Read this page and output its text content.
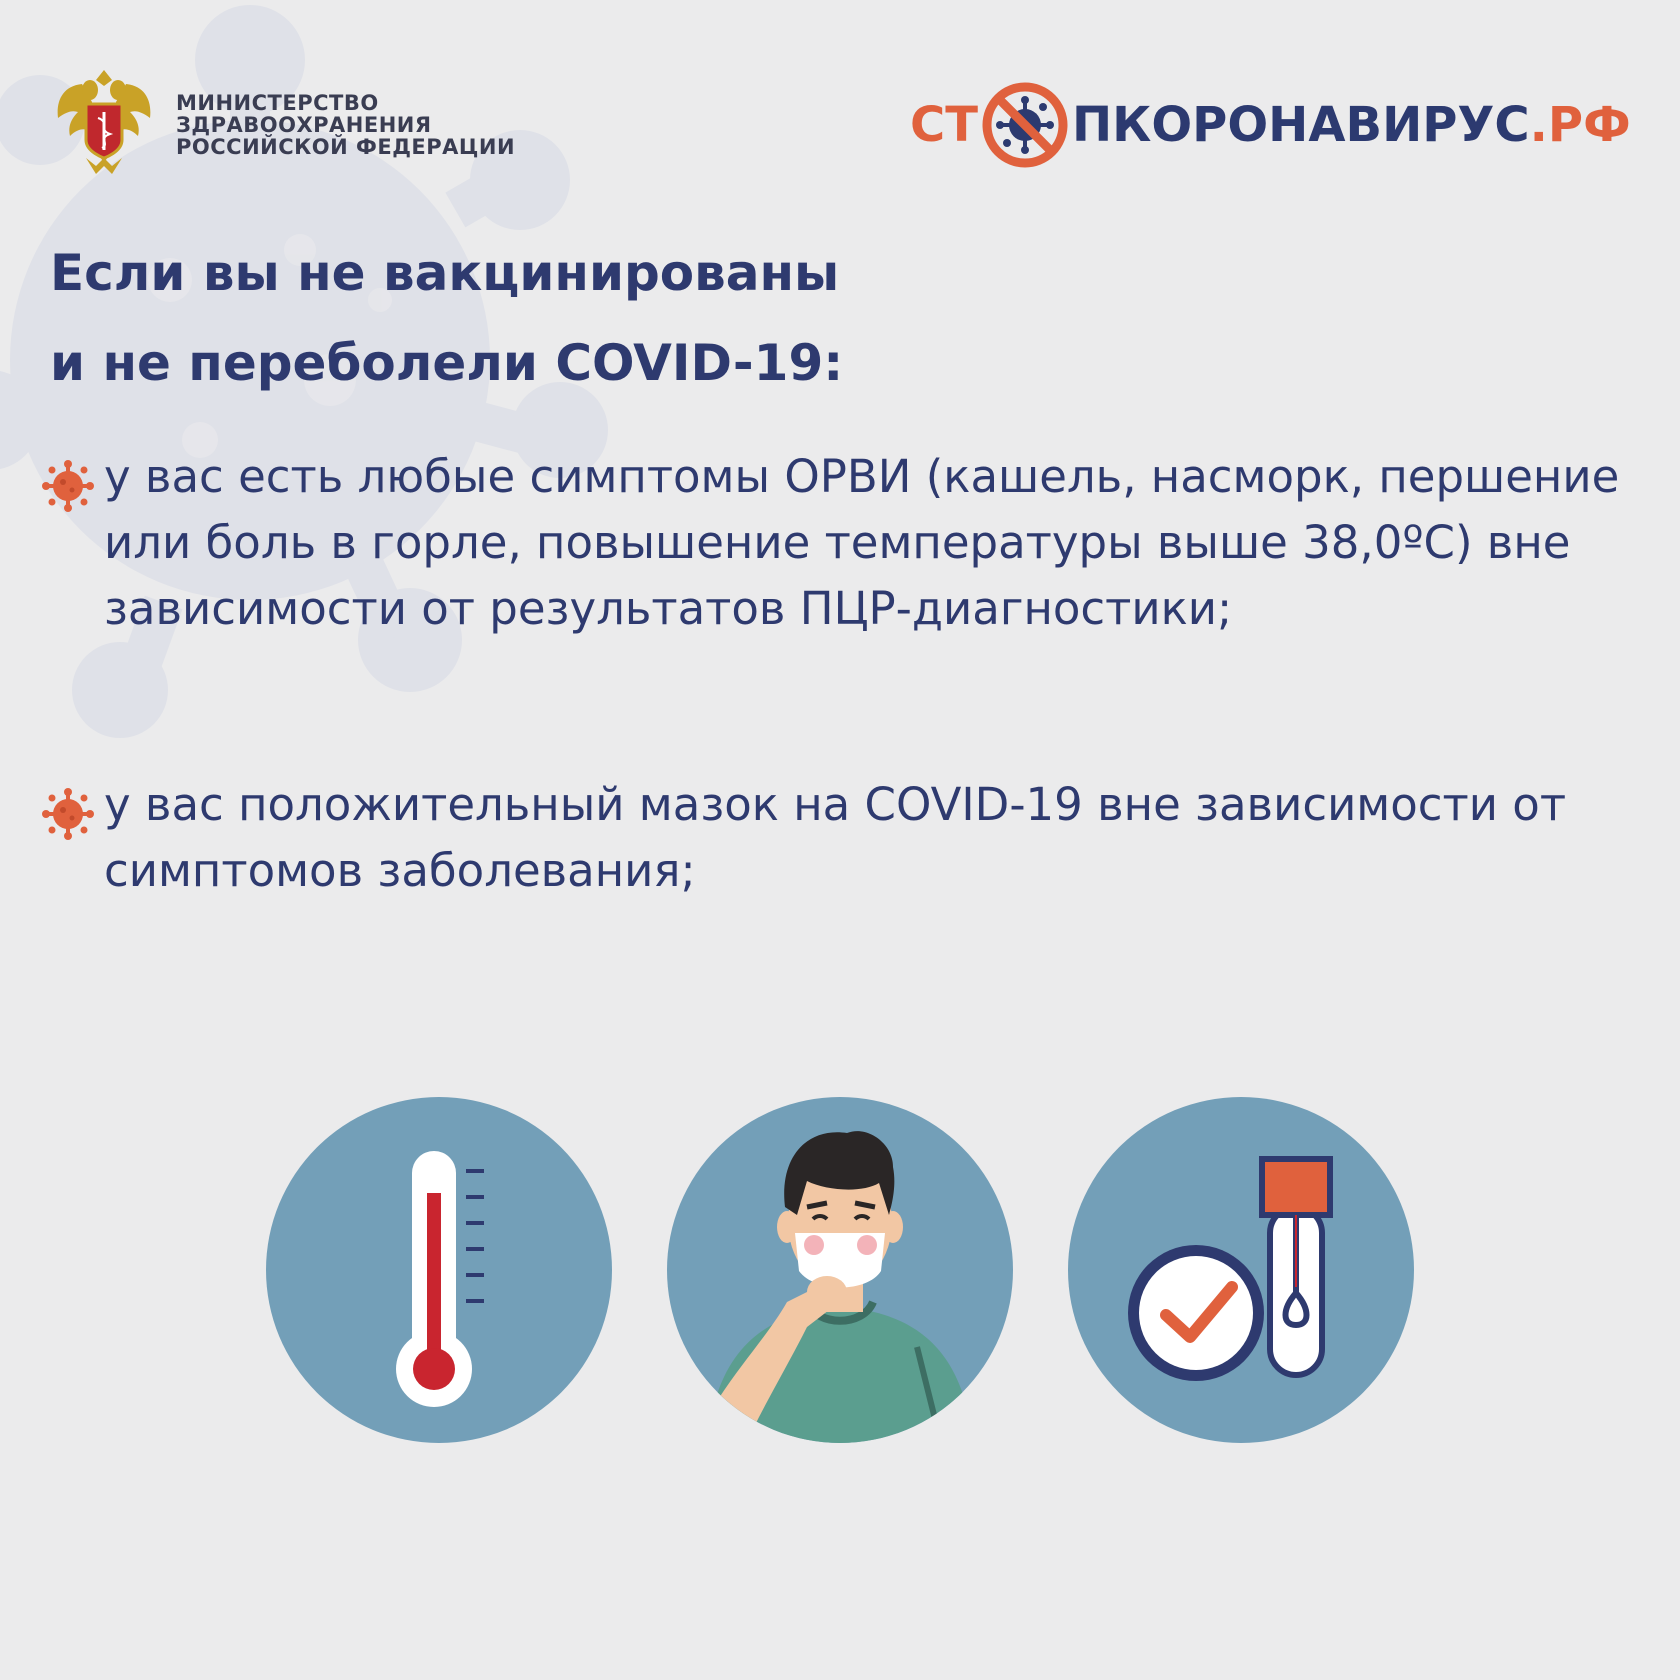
МИНИСТЕРСТВО
ЗДРАВООХРАНЕНИЯ
РОССИЙСКОЙ ФЕДЕРАЦИИ	СТ ПКОРОНАВИРУС .РФ
Если вы не вакцинированы
и не переболели COVID-19:
у вас есть любые симптомы ОРВИ (кашель, насморк, першение или боль в горле, повышение температуры выше 38,0ºС) вне зависимости от результатов ПЦР-диагностики;
у вас положительный мазок на COVID-19 вне зависимости от симптомов заболевания;
